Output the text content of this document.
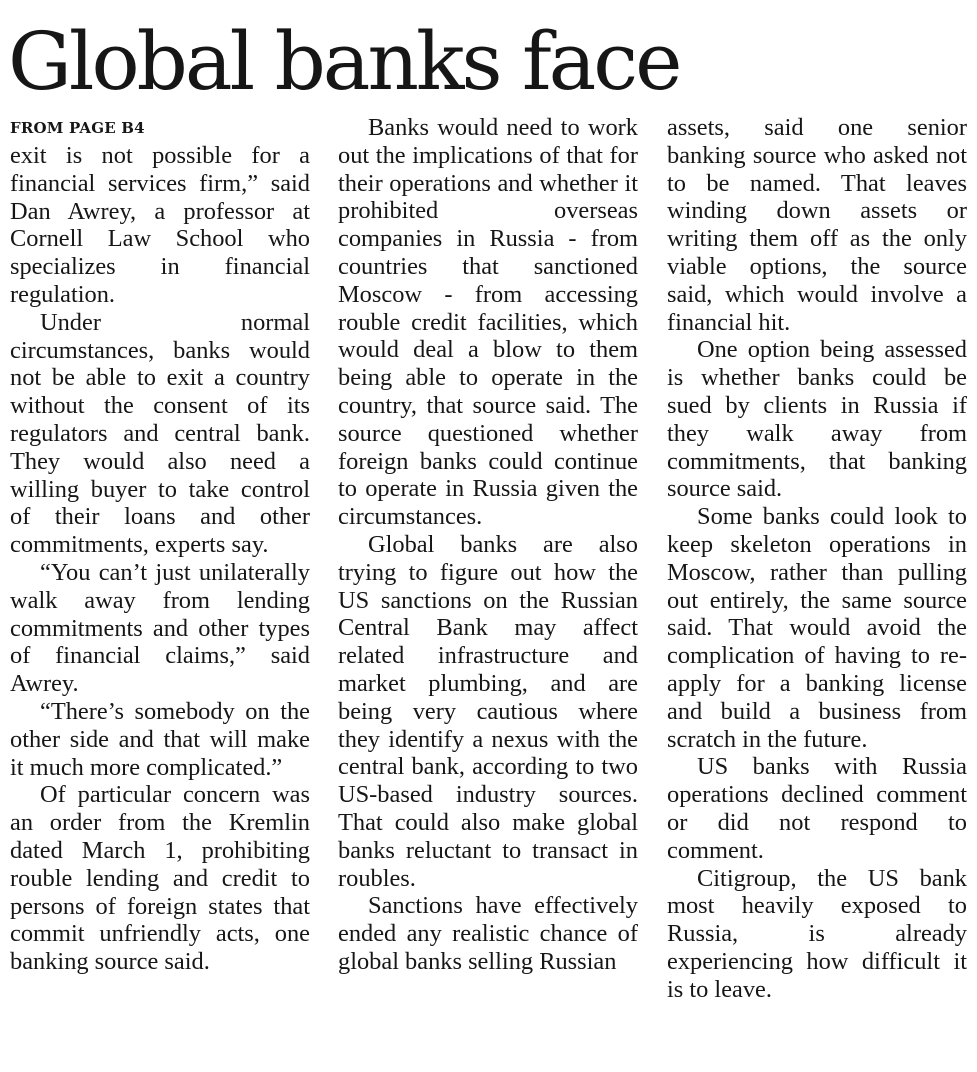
Global banks face
FROM PAGE B4

exit is not possible for a financial services firm,” said Dan Awrey, a professor at Cornell Law School who specializes in financial regulation.

Under normal circumstances, banks would not be able to exit a country without the consent of its regulators and central bank. They would also need a willing buyer to take control of their loans and other commitments, experts say.

“You can’t just unilaterally walk away from lending commitments and other types of financial claims,” said Awrey.

“There’s somebody on the other side and that will make it much more complicated.”

Of particular concern was an order from the Kremlin dated March 1, prohibiting rouble lending and credit to persons of foreign states that commit unfriendly acts, one banking source said.

Banks would need to work out the implications of that for their operations and whether it prohibited overseas companies in Russia - from countries that sanctioned Moscow - from accessing rouble credit facilities, which would deal a blow to them being able to operate in the country, that source said. The source questioned whether foreign banks could continue to operate in Russia given the circumstances.

Global banks are also trying to figure out how the US sanctions on the Russian Central Bank may affect related infrastructure and market plumbing, and are being very cautious where they identify a nexus with the central bank, according to two US-based industry sources. That could also make global banks reluctant to transact in roubles.

Sanctions have effectively ended any realistic chance of global banks selling Russian

assets, said one senior banking source who asked not to be named. That leaves winding down assets or writing them off as the only viable options, the source said, which would involve a financial hit.

One option being assessed is whether banks could be sued by clients in Russia if they walk away from commitments, that banking source said.

Some banks could look to keep skeleton operations in Moscow, rather than pulling out entirely, the same source said. That would avoid the complication of having to re-apply for a banking license and build a business from scratch in the future.

US banks with Russia operations declined comment or did not respond to comment.

Citigroup, the US bank most heavily exposed to Russia, is already experiencing how difficult it is to leave.
